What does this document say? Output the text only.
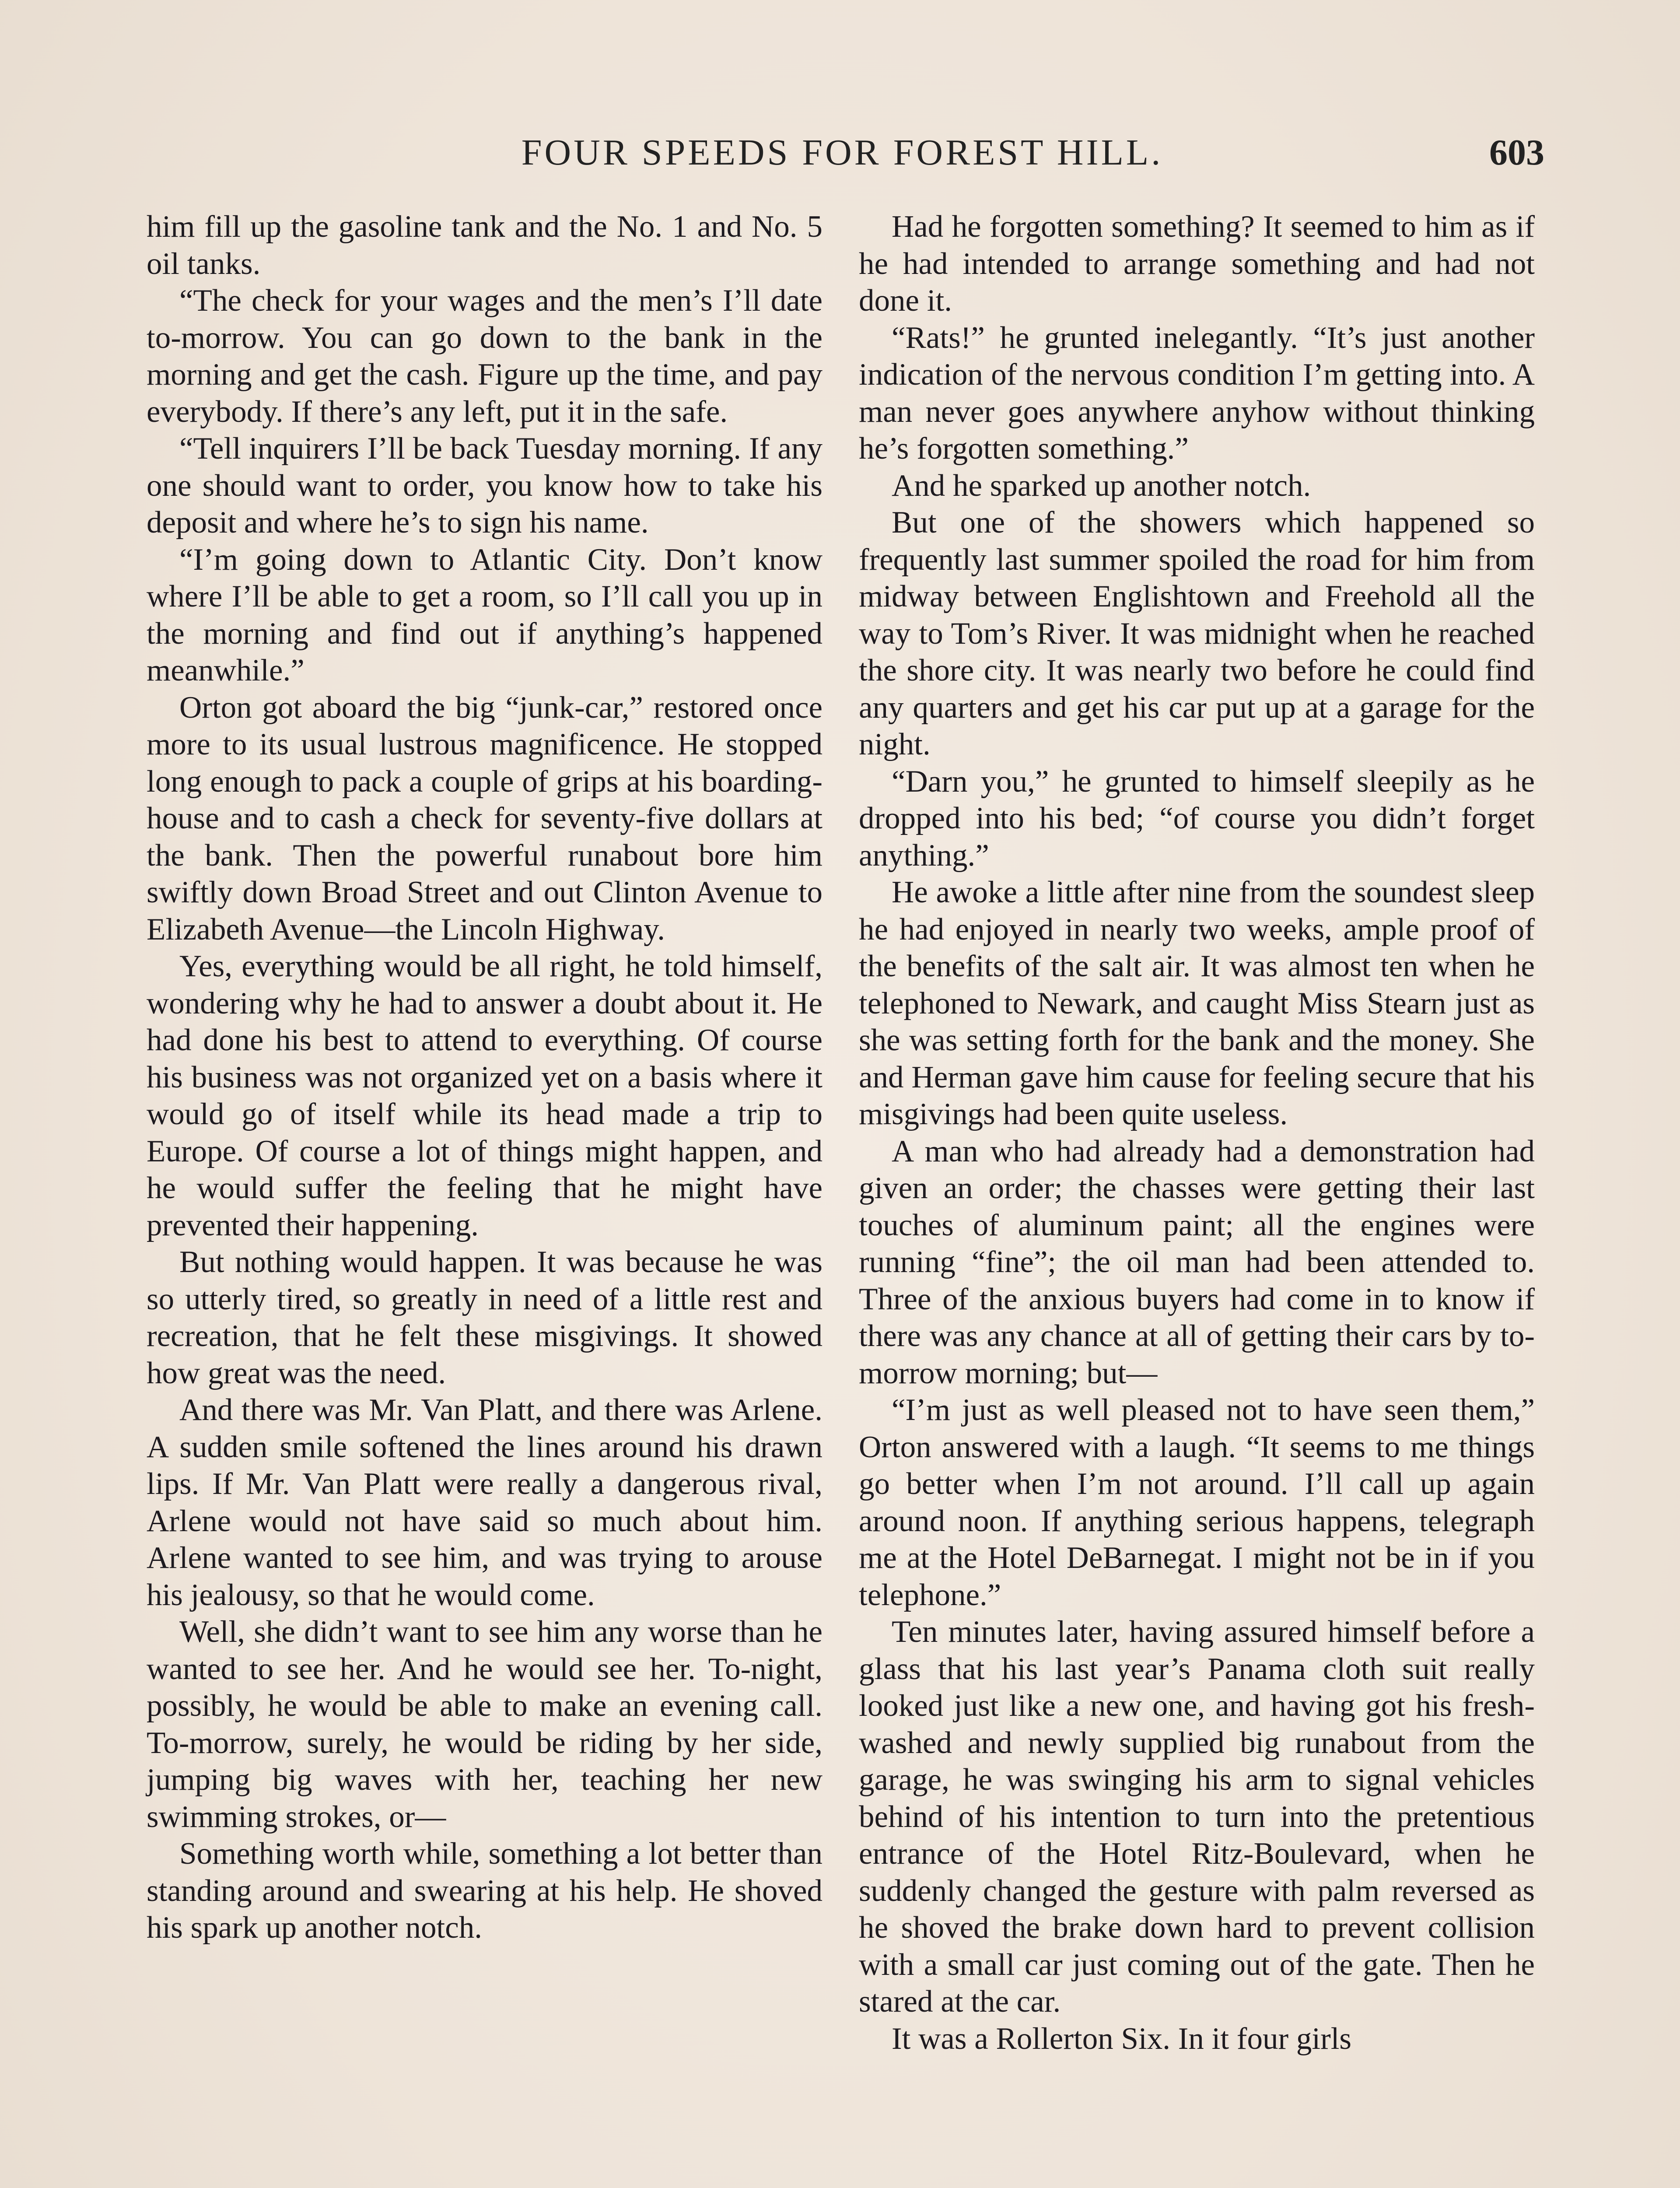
FOUR SPEEDS FOR FOREST HILL.	603

him fill up the gasoline tank and the No. 1 and No. 5 oil tanks.

“The check for your wages and the men’s I’ll date to-morrow. You can go down to the bank in the morning and get the cash. Figure up the time, and pay everybody. If there’s any left, put it in the safe.

“Tell inquirers I’ll be back Tuesday morning. If any one should want to order, you know how to take his deposit and where he’s to sign his name.

“I’m going down to Atlantic City. Don’t know where I’ll be able to get a room, so I’ll call you up in the morning and find out if anything’s happened meanwhile.”

Orton got aboard the big “junk-car,” restored once more to its usual lustrous magnificence. He stopped long enough to pack a couple of grips at his boarding-house and to cash a check for seventy-five dollars at the bank. Then the powerful runabout bore him swiftly down Broad Street and out Clinton Avenue to Elizabeth Avenue—the Lincoln Highway.

Yes, everything would be all right, he told himself, wondering why he had to answer a doubt about it. He had done his best to attend to everything. Of course his business was not organized yet on a basis where it would go of itself while its head made a trip to Europe. Of course a lot of things might happen, and he would suffer the feeling that he might have prevented their happening.

But nothing would happen. It was because he was so utterly tired, so greatly in need of a little rest and recreation, that he felt these misgivings. It showed how great was the need.

And there was Mr. Van Platt, and there was Arlene. A sudden smile softened the lines around his drawn lips. If Mr. Van Platt were really a dangerous rival, Arlene would not have said so much about him. Arlene wanted to see him, and was trying to arouse his jealousy, so that he would come.

Well, she didn’t want to see him any worse than he wanted to see her. And he would see her. To-night, possibly, he would be able to make an evening call. To-morrow, surely, he would be riding by her side, jumping big waves with her, teaching her new swimming strokes, or—

Something worth while, something a lot better than standing around and swearing at his help. He shoved his spark up another notch.

Had he forgotten something? It seemed to him as if he had intended to arrange something and had not done it.

“Rats!” he grunted inelegantly. “It’s just another indication of the nervous condition I’m getting into. A man never goes anywhere anyhow without thinking he’s forgotten something.”

And he sparked up another notch.

But one of the showers which happened so frequently last summer spoiled the road for him from midway between Englishtown and Freehold all the way to Tom’s River. It was midnight when he reached the shore city. It was nearly two before he could find any quarters and get his car put up at a garage for the night.

“Darn you,” he grunted to himself sleepily as he dropped into his bed; “of course you didn’t forget anything.”

He awoke a little after nine from the soundest sleep he had enjoyed in nearly two weeks, ample proof of the benefits of the salt air. It was almost ten when he telephoned to Newark, and caught Miss Stearn just as she was setting forth for the bank and the money. She and Herman gave him cause for feeling secure that his misgivings had been quite useless.

A man who had already had a demonstration had given an order; the chasses were getting their last touches of aluminum paint; all the engines were running “fine”; the oil man had been attended to. Three of the anxious buyers had come in to know if there was any chance at all of getting their cars by to-morrow morning; but—

“I’m just as well pleased not to have seen them,” Orton answered with a laugh. “It seems to me things go better when I’m not around. I’ll call up again around noon. If anything serious happens, telegraph me at the Hotel DeBarnegat. I might not be in if you telephone.”

Ten minutes later, having assured himself before a glass that his last year’s Panama cloth suit really looked just like a new one, and having got his fresh-washed and newly supplied big runabout from the garage, he was swinging his arm to signal vehicles behind of his intention to turn into the pretentious entrance of the Hotel Ritz-Boulevard, when he suddenly changed the gesture with palm reversed as he shoved the brake down hard to prevent collision with a small car just coming out of the gate. Then he stared at the car.

It was a Rollerton Six. In it four girls
